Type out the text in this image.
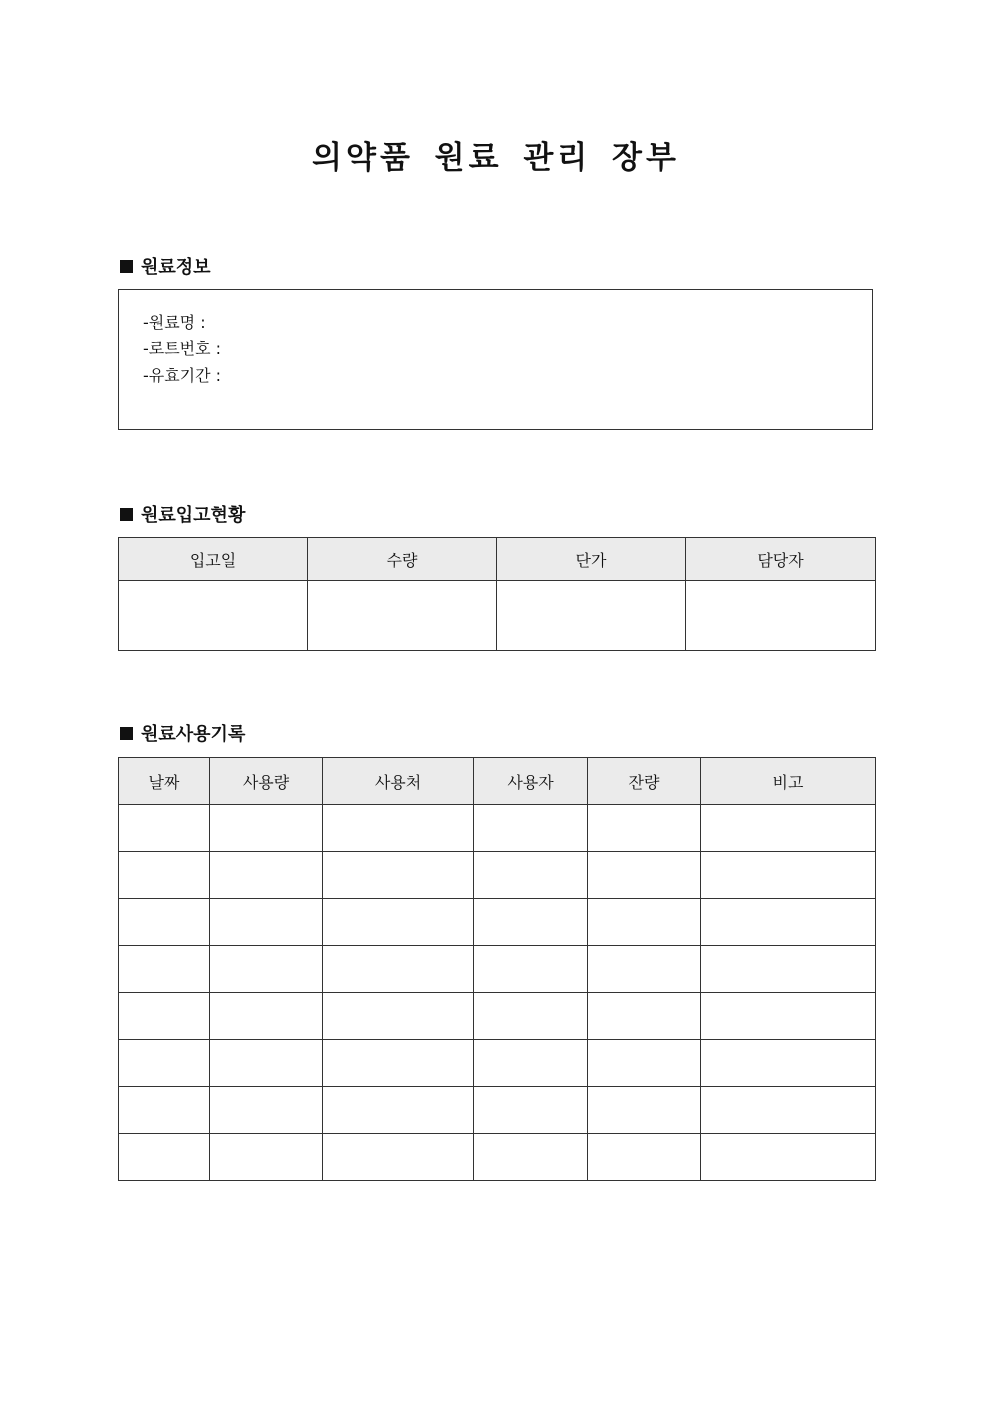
의약품 원료 관리 장부
원료정보
-원료명 :
-로트번호 :
-유효기간 :
원료입고현황
입고일	수량	단가	담당자

원료사용기록
날짜	사용량	사용처	사용자	잔량	비고
